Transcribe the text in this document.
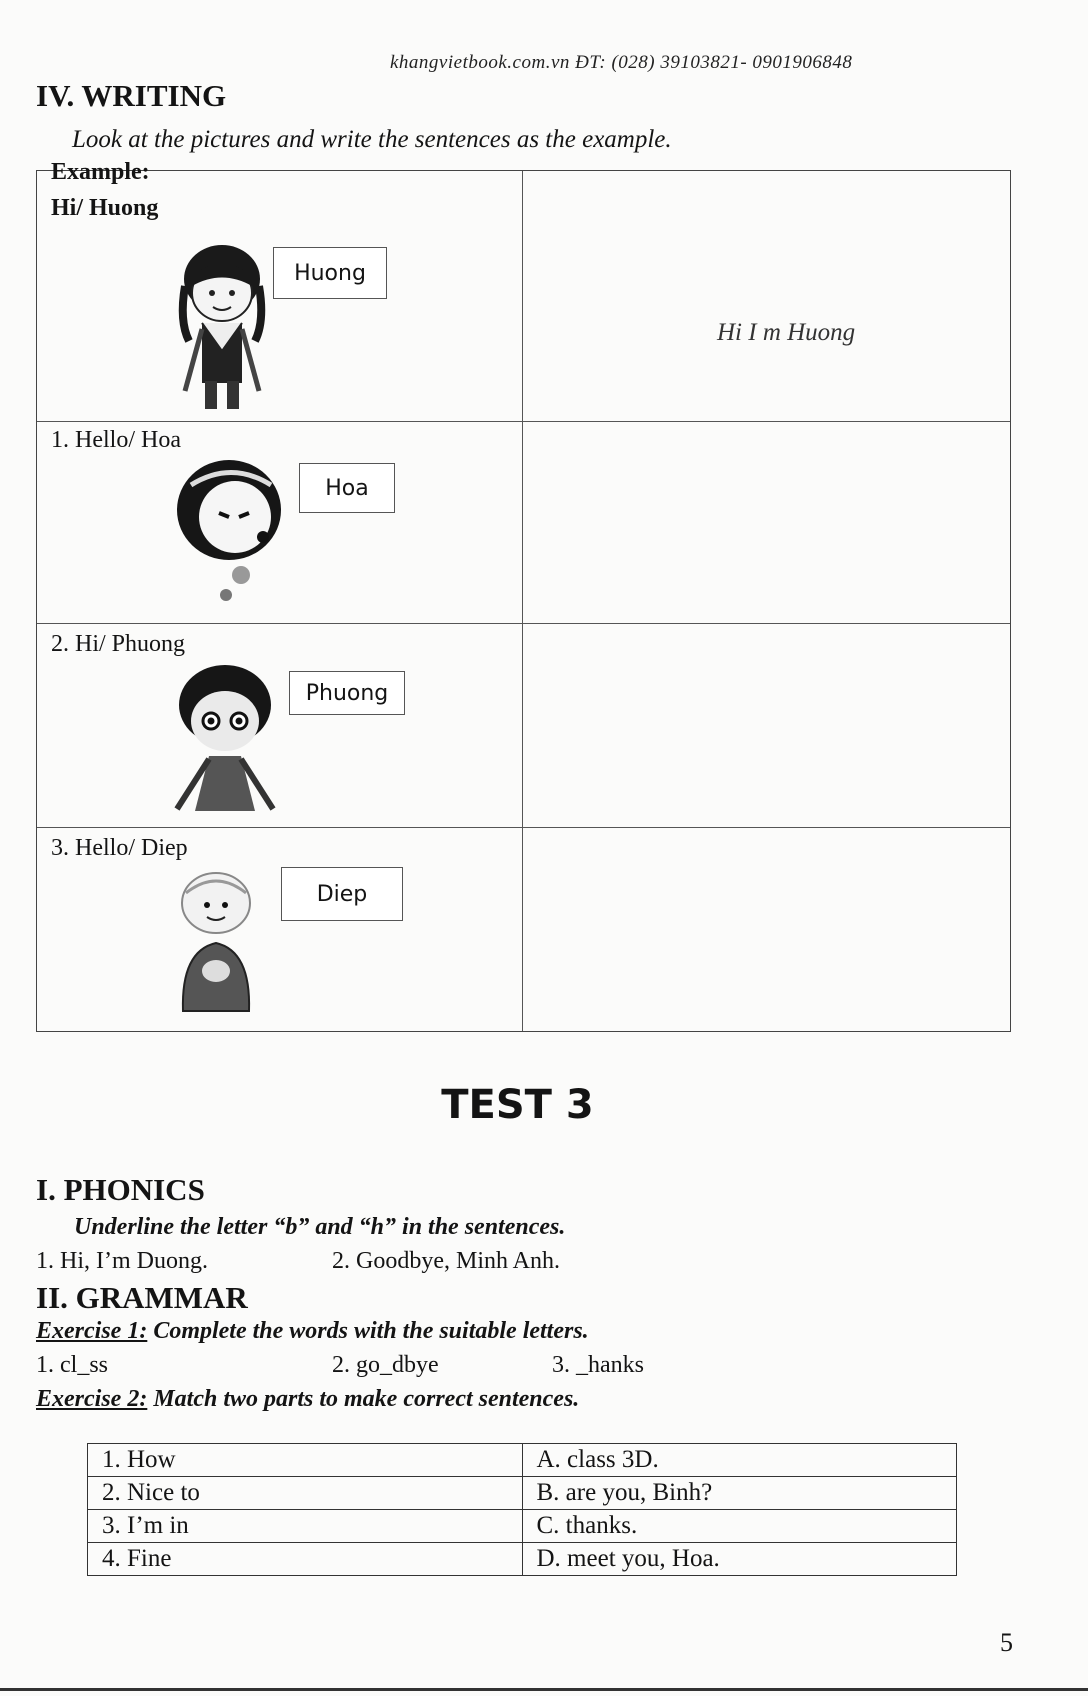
khangvietbook.com.vn ĐT: (028) 39103821- 0901906848
IV. WRITING
Look at the pictures and write the sentences as the example.
Example:
Hi/ Huong
Huong
Hi I m Huong
1. Hello/ Hoa
Hoa
2. Hi/ Phuong
Phuong
3. Hello/ Diep
Diep
TEST 3
I. PHONICS
Underline the letter “b” and “h” in the sentences.
1. Hi, I’m Duong.	2. Goodbye, Minh Anh.
II. GRAMMAR
Exercise 1: Complete the words with the suitable letters.
1. cl_ss	2. go_dbye	3. _hanks
Exercise 2: Match two parts to make correct sentences.
1. How	A. class 3D.
2. Nice to	B. are you, Binh?
3. I’m in	C. thanks.
4. Fine	D. meet you, Hoa.
5
